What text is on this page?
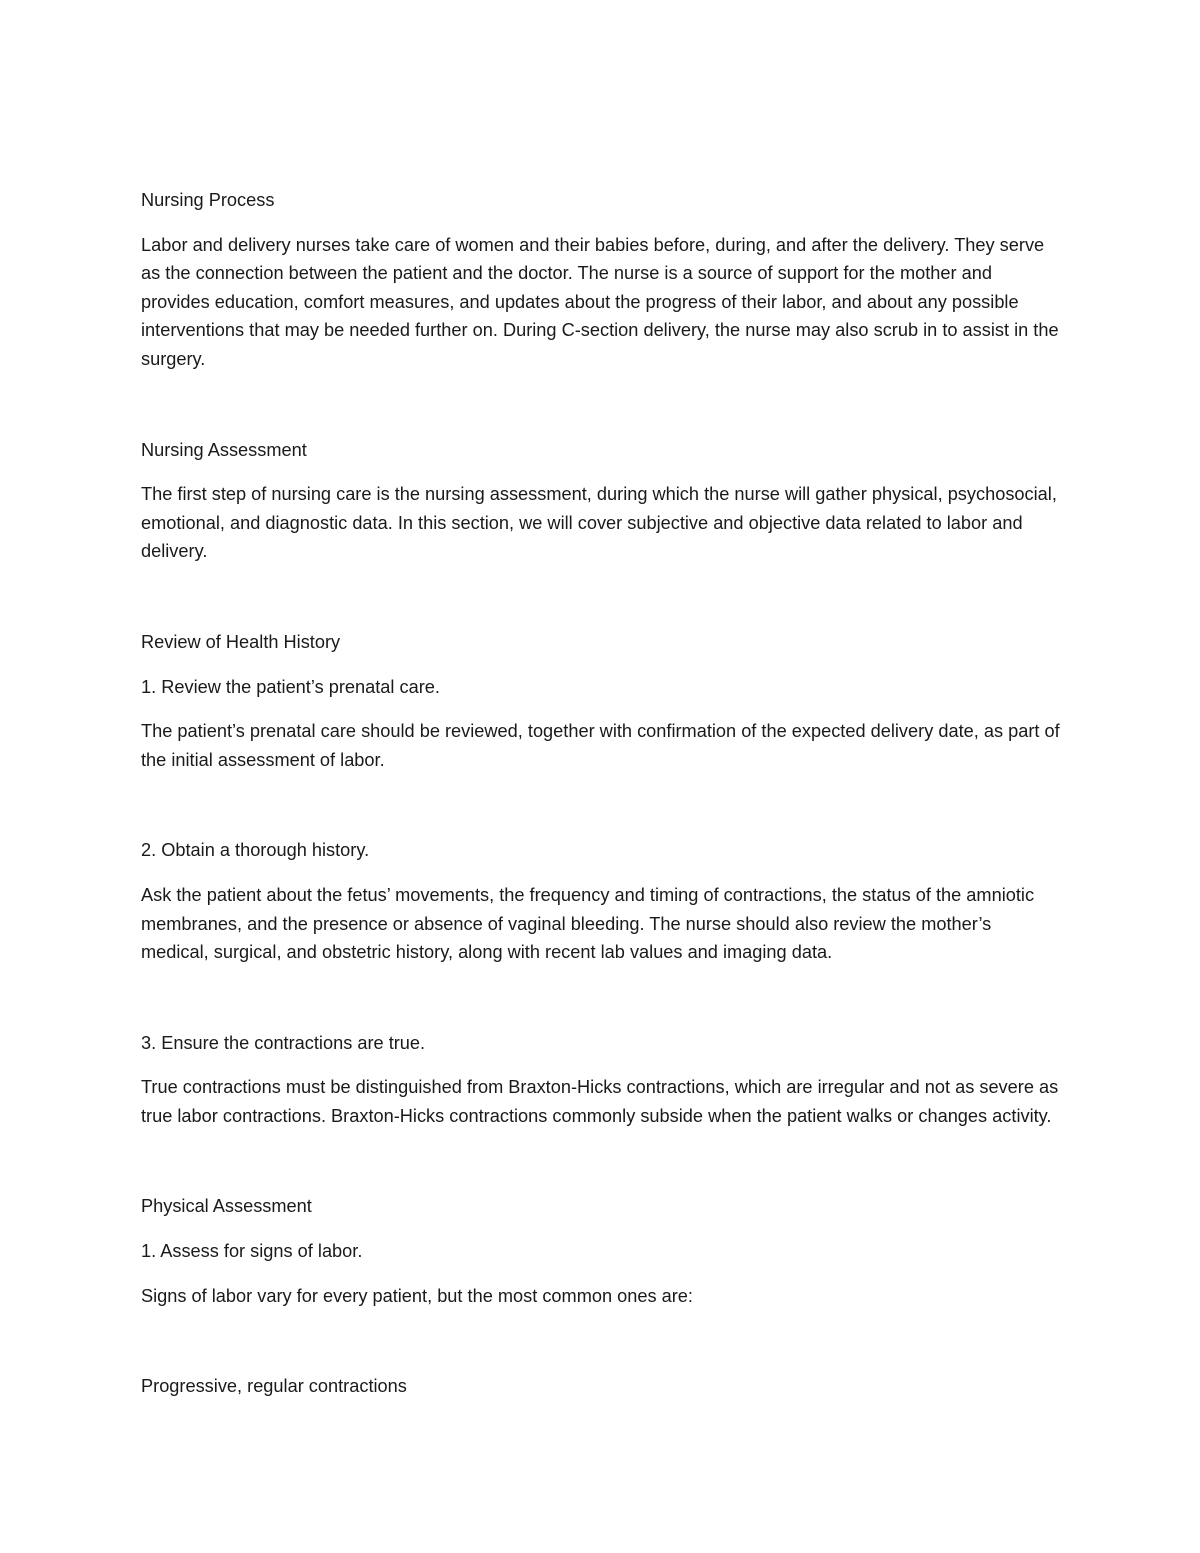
Nursing Process

Labor and delivery nurses take care of women and their babies before, during, and after the delivery. They serve as the connection between the patient and the doctor. The nurse is a source of support for the mother and provides education, comfort measures, and updates about the progress of their labor, and about any possible interventions that may be needed further on. During C-section delivery, the nurse may also scrub in to assist in the surgery.

Nursing Assessment

The first step of nursing care is the nursing assessment, during which the nurse will gather physical, psychosocial, emotional, and diagnostic data. In this section, we will cover subjective and objective data related to labor and delivery.

Review of Health History

1. Review the patient’s prenatal care.

The patient’s prenatal care should be reviewed, together with confirmation of the expected delivery date, as part of the initial assessment of labor.

2. Obtain a thorough history.

Ask the patient about the fetus’ movements, the frequency and timing of contractions, the status of the amniotic membranes, and the presence or absence of vaginal bleeding. The nurse should also review the mother’s medical, surgical, and obstetric history, along with recent lab values and imaging data.

3. Ensure the contractions are true.

True contractions must be distinguished from Braxton-Hicks contractions, which are irregular and not as severe as true labor contractions. Braxton-Hicks contractions commonly subside when the patient walks or changes activity.

Physical Assessment

1. Assess for signs of labor.

Signs of labor vary for every patient, but the most common ones are:

Progressive, regular contractions
